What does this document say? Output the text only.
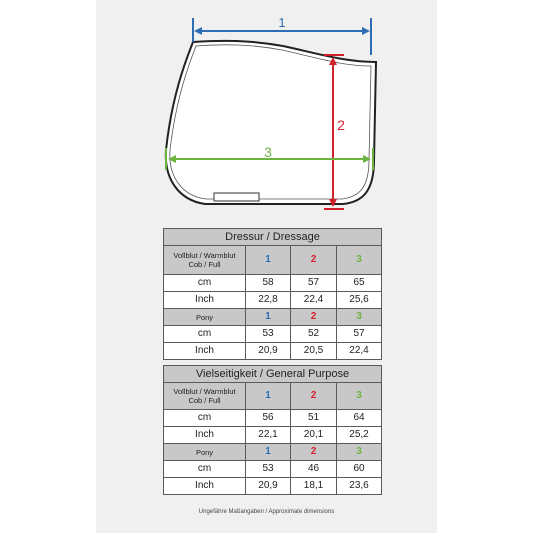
1
2
3
Dressur / Dressage			
Vollblut / Warmblut
Cob / Full	1	2	3
cm	58	57	65
Inch	22,8	22,4	25,6
Pony	1	2	3
cm	53	52	57
Inch	20,9	20,5	22,4
Vielseitigkeit / General Purpose			
Vollblut / Warmblut
Cob / Full	1	2	3
cm	56	51	64
Inch	22,1	20,1	25,2
Pony	1	2	3
cm	53	46	60
Inch	20,9	18,1	23,6
Ungefähre Maßangaben / Approximate dimensions
